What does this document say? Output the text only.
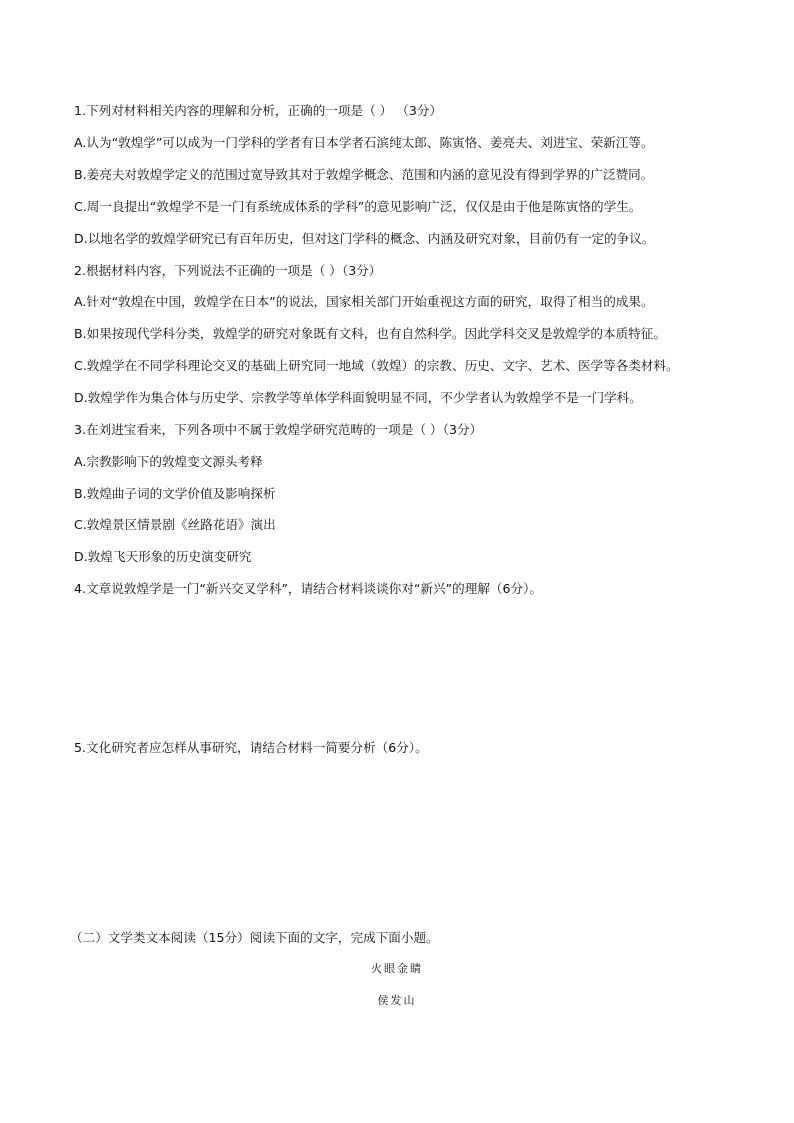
1.下列对材料相关内容的理解和分析，正确的一项是（ ） （3分）
A.认为“敦煌学”可以成为一门学科的学者有日本学者石滨纯太郎、陈寅恪、姜亮夫、刘进宝、荣新江等。
B.姜亮夫对敦煌学定义的范围过宽导致其对于敦煌学概念、范围和内涵的意见没有得到学界的广泛赞同。
C.周一良提出“敦煌学不是一门有系统成体系的学科”的意见影响广泛，仅仅是由于他是陈寅恪的学生。
D.以地名学的敦煌学研究已有百年历史，但对这门学科的概念、内涵及研究对象，目前仍有一定的争议。
2.根据材料内容，下列说法不正确的一项是（ ）（3分）
A.针对“敦煌在中国，敦煌学在日本”的说法，国家相关部门开始重视这方面的研究，取得了相当的成果。
B.如果按现代学科分类，敦煌学的研究对象既有文科，也有自然科学。因此学科交叉是敦煌学的本质特征。
C.敦煌学在不同学科理论交叉的基础上研究同一地域（敦煌）的宗教、历史、文字、艺术、医学等各类材料。
D.敦煌学作为集合体与历史学、宗教学等单体学科面貌明显不同，不少学者认为敦煌学不是一门学科。
3.在刘进宝看来，下列各项中不属于敦煌学研究范畴的一项是（ ）（3分）
A.宗教影响下的敦煌变文源头考释
B.敦煌曲子词的文学价值及影响探析
C.敦煌景区情景剧《丝路花语》演出
D.敦煌飞天形象的历史演变研究
4.文章说敦煌学是一门“新兴交叉学科”，请结合材料谈谈你对“新兴”的理解（6分）。
5.文化研究者应怎样从事研究，请结合材料一简要分析（6分）。
（二）文学类文本阅读（15分）阅读下面的文字，完成下面小题。
火眼金睛
侯发山
